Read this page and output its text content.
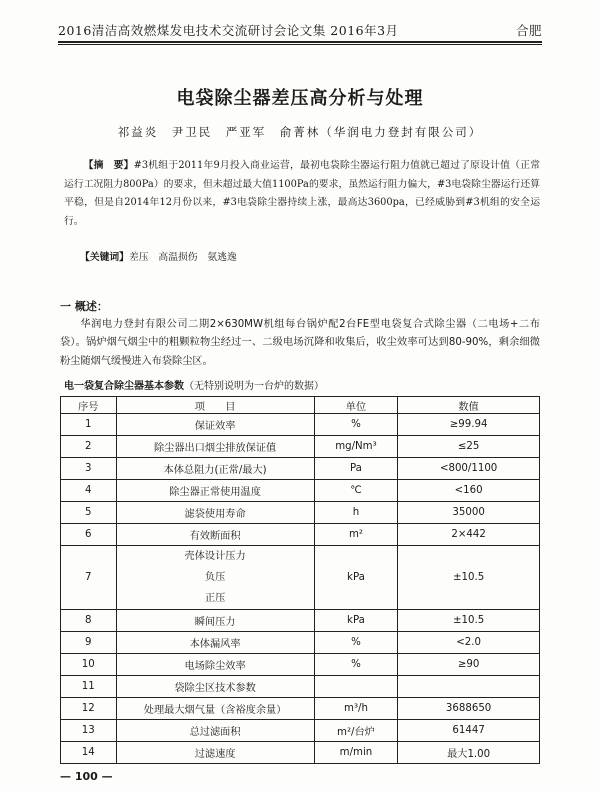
2016清洁高效燃煤发电技术交流研讨会论文集 2016年3月	合肥
电袋除尘器差压高分析与处理
祁益炎　尹卫民　严亚军　俞菁林（华润电力登封有限公司）
【摘　要】#3机组于2011年9月投入商业运营，最初电袋除尘器运行阻力值就已超过了原设计值（正常运行工况阻力800Pa）的要求，但未超过最大值1100Pa的要求，虽然运行阻力偏大，#3电袋除尘器运行还算平稳，但是自2014年12月份以来，#3电袋除尘器持续上涨，最高达3600pa，已经威胁到#3机组的安全运行。
【关键词】差压　高温损伤　氨逃逸
一 概述：
华润电力登封有限公司二期2×630MW机组每台锅炉配2台FE型电袋复合式除尘器（二电场+二布袋）。锅炉烟气烟尘中的粗颗粒物尘经过一、二级电场沉降和收集后，收尘效率可达到80-90%，剩余细微粉尘随烟气缓慢进入布袋除尘区。
电一袋复合除尘器基本参数（无特别说明为一台炉的数据）
序号	项　　目	单位	数值
1	保证效率	%	≥99.94
2	除尘器出口烟尘排放保证值	mg/Nm³	≤25
3	本体总阻力(正常/最大)	Pa	<800/1100
4	除尘器正常使用温度	℃	<160
5	滤袋使用寿命	h	35000
6	有效断面积	m²	2×442
7	壳体设计压力
负压
正压	kPa	±10.5
8	瞬间压力	kPa	±10.5
9	本体漏风率	%	<2.0
10	电场除尘效率	%	≥90
11	袋除尘区技术参数		
12	处理最大烟气量（含裕度余量）	m³/h	3688650
13	总过滤面积	m²/台炉	61447
14	过滤速度	m/min	最大1.00
— 100 —
